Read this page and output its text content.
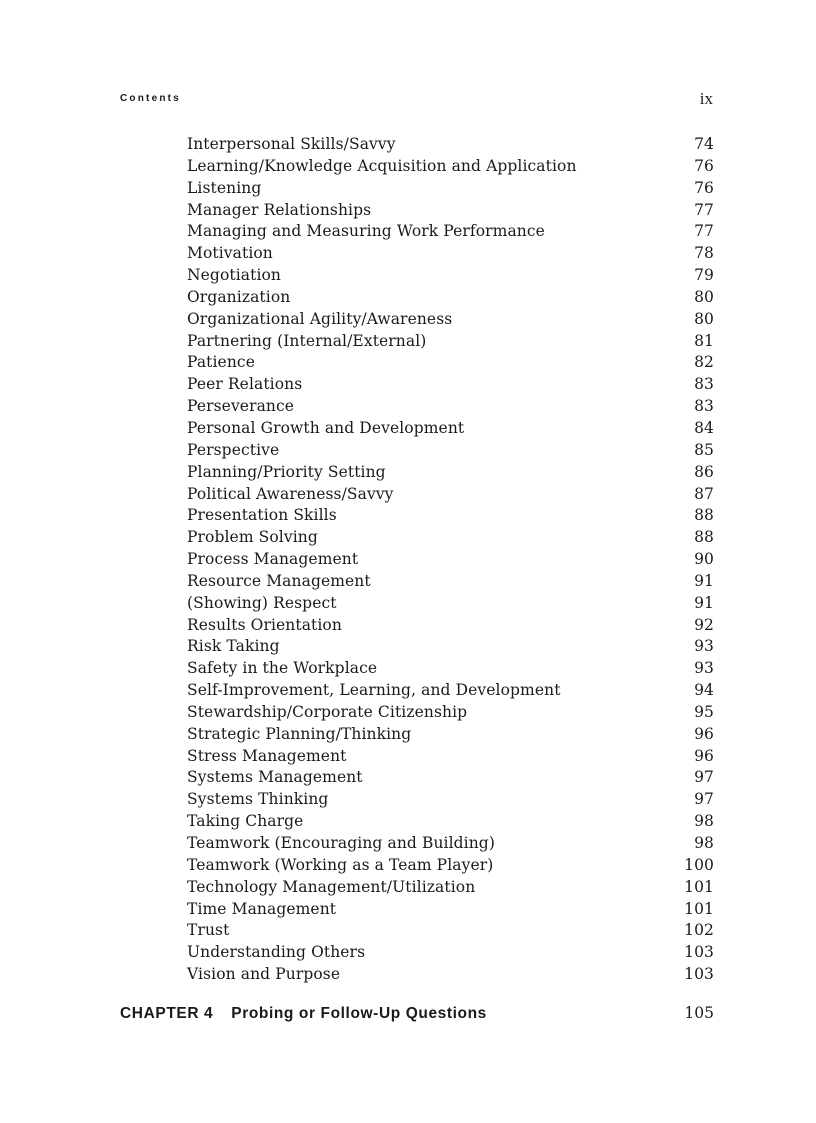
Contents	ix
Interpersonal Skills/Savvy	74
Learning/Knowledge Acquisition and Application	76
Listening	76
Manager Relationships	77
Managing and Measuring Work Performance	77
Motivation	78
Negotiation	79
Organization	80
Organizational Agility/Awareness	80
Partnering (Internal/External)	81
Patience	82
Peer Relations	83
Perseverance	83
Personal Growth and Development	84
Perspective	85
Planning/Priority Setting	86
Political Awareness/Savvy	87
Presentation Skills	88
Problem Solving	88
Process Management	90
Resource Management	91
(Showing) Respect	91
Results Orientation	92
Risk Taking	93
Safety in the Workplace	93
Self-Improvement, Learning, and Development	94
Stewardship/Corporate Citizenship	95
Strategic Planning/Thinking	96
Stress Management	96
Systems Management	97
Systems Thinking	97
Taking Charge	98
Teamwork (Encouraging and Building)	98
Teamwork (Working as a Team Player)	100
Technology Management/Utilization	101
Time Management	101
Trust	102
Understanding Others	103
Vision and Purpose	103
CHAPTER 4 Probing or Follow-Up Questions	105
